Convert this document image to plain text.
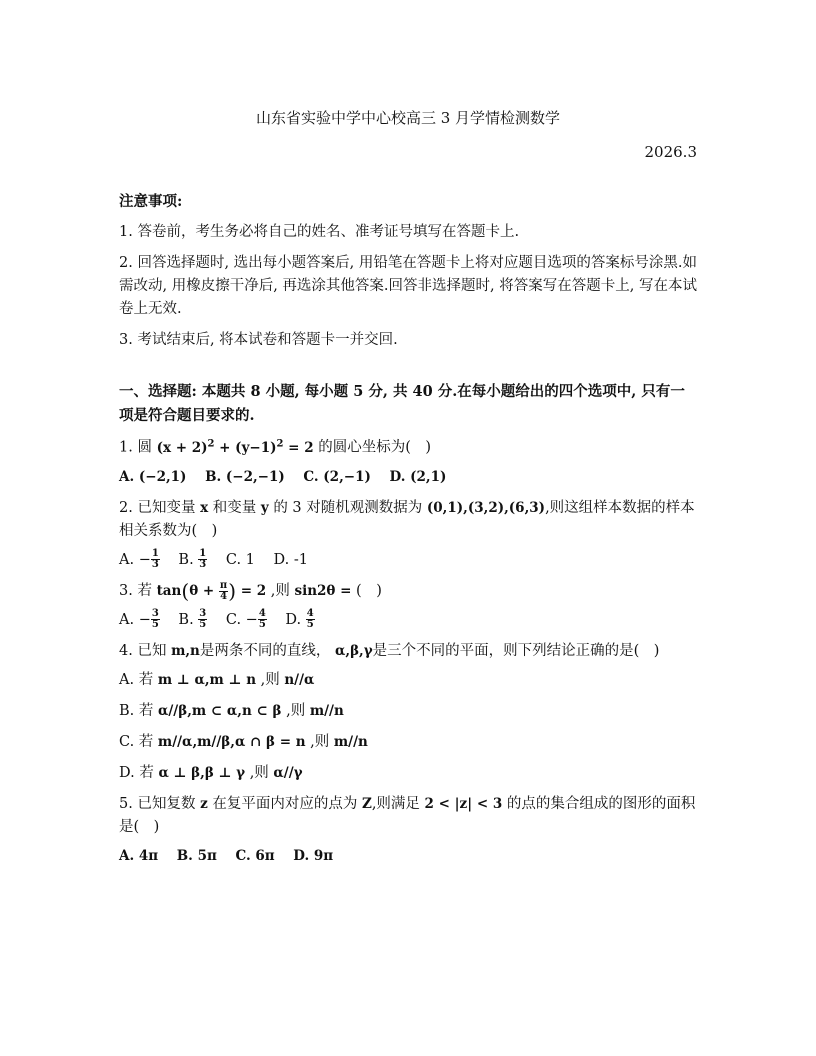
山东省实验中学中心校高三 3 月学情检测数学
2026.3
注意事项:
1. 答卷前，考生务必将自己的姓名、准考证号填写在答题卡上.
2. 回答选择题时, 选出每小题答案后, 用铅笔在答题卡上将对应题目选项的答案标号涂黑.如需改动, 用橡皮擦干净后, 再选涂其他答案.回答非选择题时, 将答案写在答题卡上, 写在本试卷上无效.
3. 考试结束后, 将本试卷和答题卡一并交回.
一、选择题: 本题共 8 小题, 每小题 5 分, 共 40 分.在每小题给出的四个选项中, 只有一项是符合题目要求的.
1. 圆 $(x + 2)^2 + (y-1)^2 = 2$ 的圆心坐标为(　)
A. (−2,1) B. (−2,−1) C. (2,−1) D. (2,1)
2. 已知变量 x 和变量 y 的 3 对随机观测数据为 (0,1),(3,2),(6,3),则这组样本数据的样本相关系数为(　)
A. − $\frac{1}{3} B$. $\frac{1}{3} C$. 1 D. -1
3. 若 $\tan(\theta + \frac{\pi}{4}$ ) = 2 ,则 sin2θ = (　)
A. − $\frac{3}{5} B$. $\frac{3}{5} C$. − $\frac{4}{5} D$. $\frac{4}{5}$
4. 已知 m,n是两条不同的直线， α,β,γ是三个不同的平面，则下列结论正确的是(　)
A. 若 m ⊥ α,m ⊥ n ,则 n//α
B. 若 α//β,m ⊂ α,n ⊂ β ,则 m//n
C. 若 m//α,m//β,α ∩ β = n ,则 m//n
D. 若 α ⊥ β,β ⊥ γ ,则 α//γ
5. 已知复数 z 在复平面内对应的点为 Z,则满足 2 < |z| < 3 的点的集合组成的图形的面积是(　)
A. 4π B. 5π C. 6π D. 9π
